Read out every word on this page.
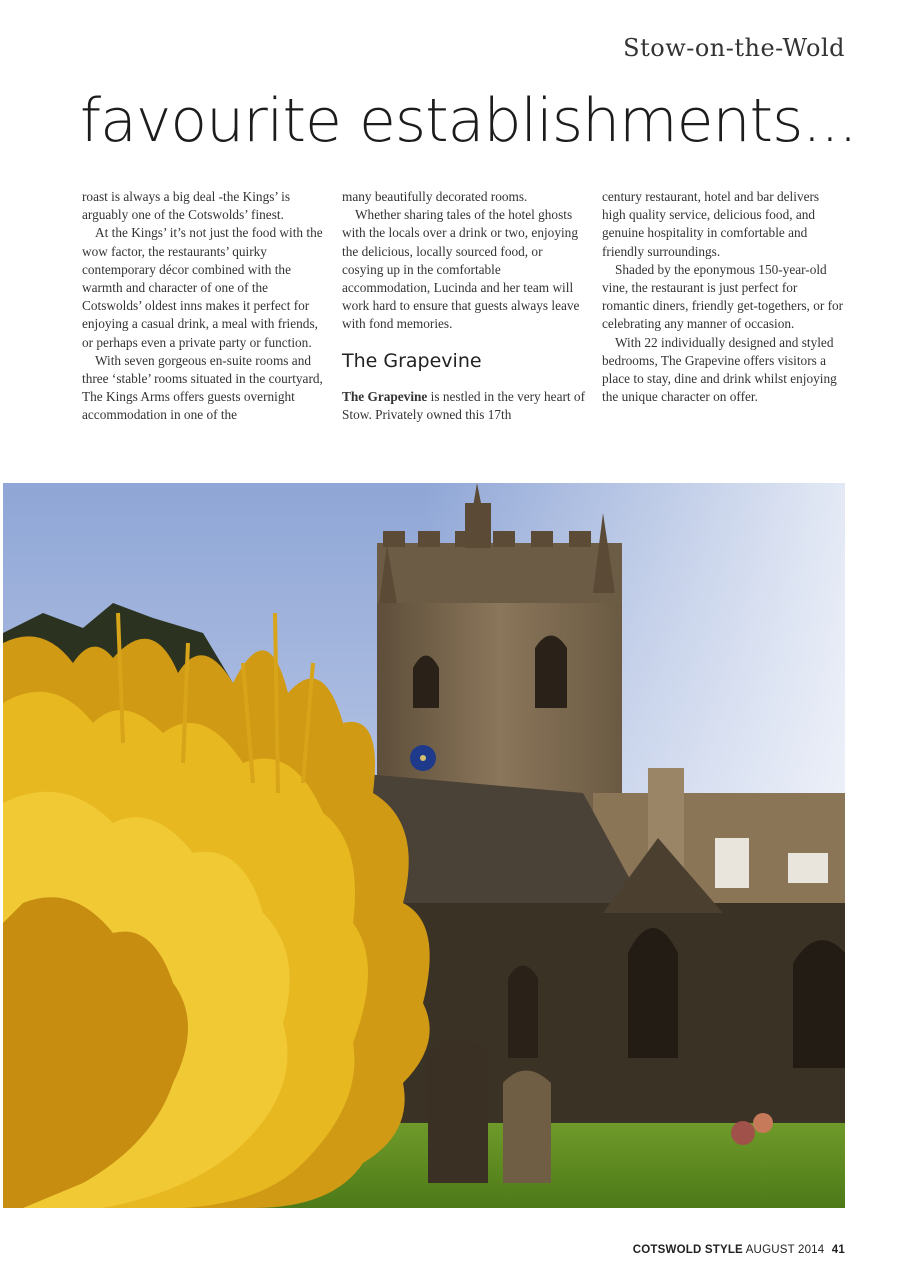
Stow-on-the-Wold
favourite establishments...

roast is always a big deal -the Kings’ is arguably one of the Cotswolds’ finest.

At the Kings’ it’s not just the food with the wow factor, the restaurants’ quirky contemporary décor combined with the warmth and character of one of the Cotswolds’ oldest inns makes it perfect for enjoying a casual drink, a meal with friends, or perhaps even a private party or function.

With seven gorgeous en-suite rooms and three ‘stable’ rooms situated in the courtyard, The Kings Arms offers guests overnight accommodation in one of the

many beautifully decorated rooms.

Whether sharing tales of the hotel ghosts with the locals over a drink or two, enjoying the delicious, locally sourced food, or cosying up in the comfortable accommodation, Lucinda and her team will work hard to ensure that guests always leave with fond memories.

The Grapevine

The Grapevine is nestled in the very heart of Stow. Privately owned this 17th

century restaurant, hotel and bar delivers high quality service, delicious food, and genuine hospitality in comfortable and friendly surroundings.

Shaded by the eponymous 150-year-old vine, the restaurant is just perfect for romantic diners, friendly get-togethers, or for celebrating any manner of occasion.

With 22 individually designed and styled bedrooms, The Grapevine offers visitors a place to stay, dine and drink whilst enjoying the unique character on offer.

COTSWOLD STYLE AUGUST 2014 41
